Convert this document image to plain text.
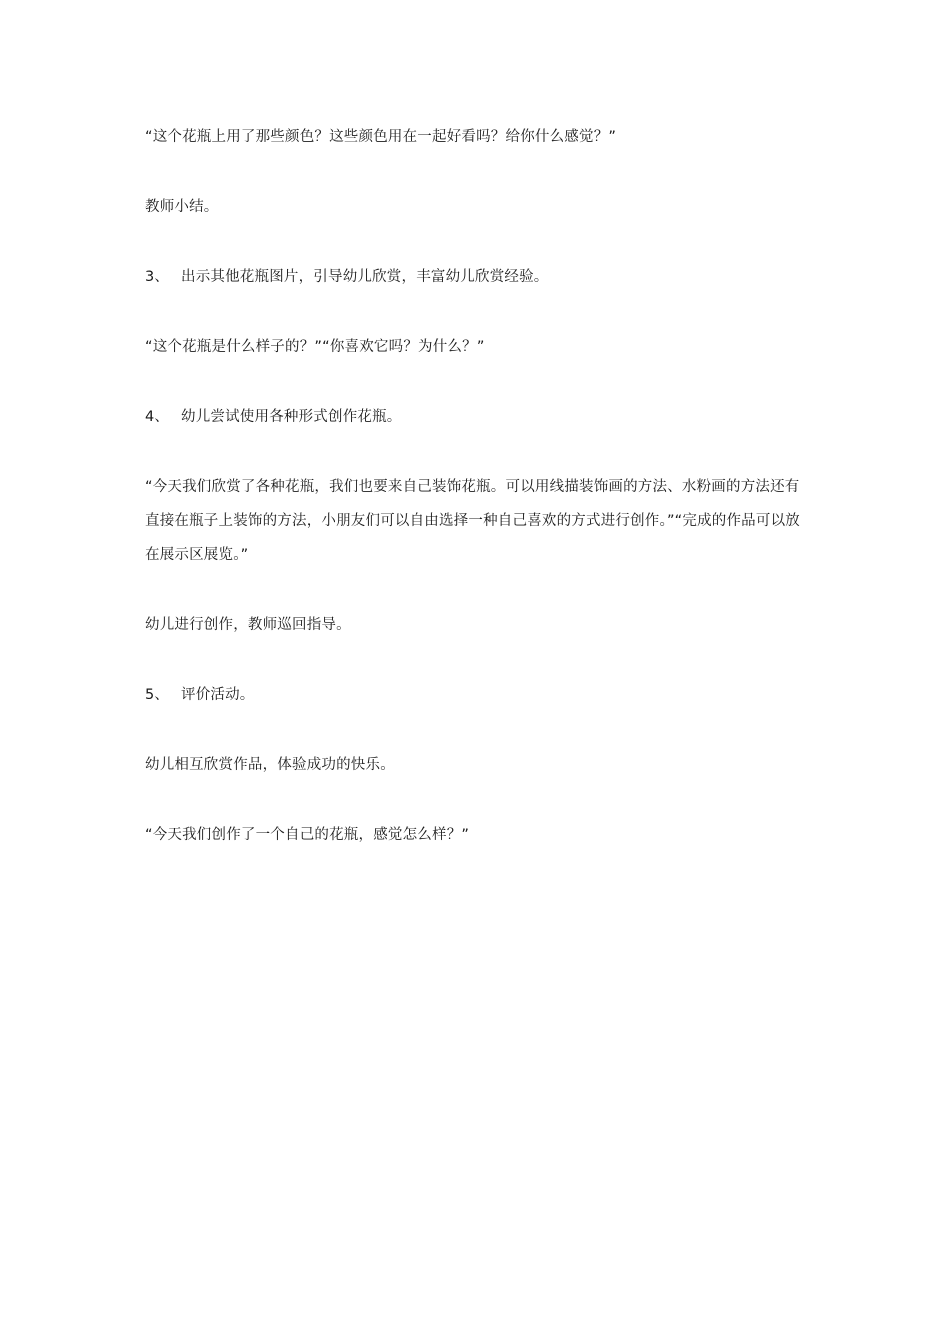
“这个花瓶上用了那些颜色？这些颜色用在一起好看吗？给你什么感觉？”

教师小结。

3、 出示其他花瓶图片，引导幼儿欣赏，丰富幼儿欣赏经验。

“这个花瓶是什么样子的？”“你喜欢它吗？为什么？”

4、 幼儿尝试使用各种形式创作花瓶。

“今天我们欣赏了各种花瓶，我们也要来自己装饰花瓶。可以用线描装饰画的方法、水粉画的方法还有直接在瓶子上装饰的方法，小朋友们可以自由选择一种自己喜欢的方式进行创作。”“完成的作品可以放在展示区展览。”

幼儿进行创作，教师巡回指导。

5、 评价活动。

幼儿相互欣赏作品，体验成功的快乐。

“今天我们创作了一个自己的花瓶，感觉怎么样？”
